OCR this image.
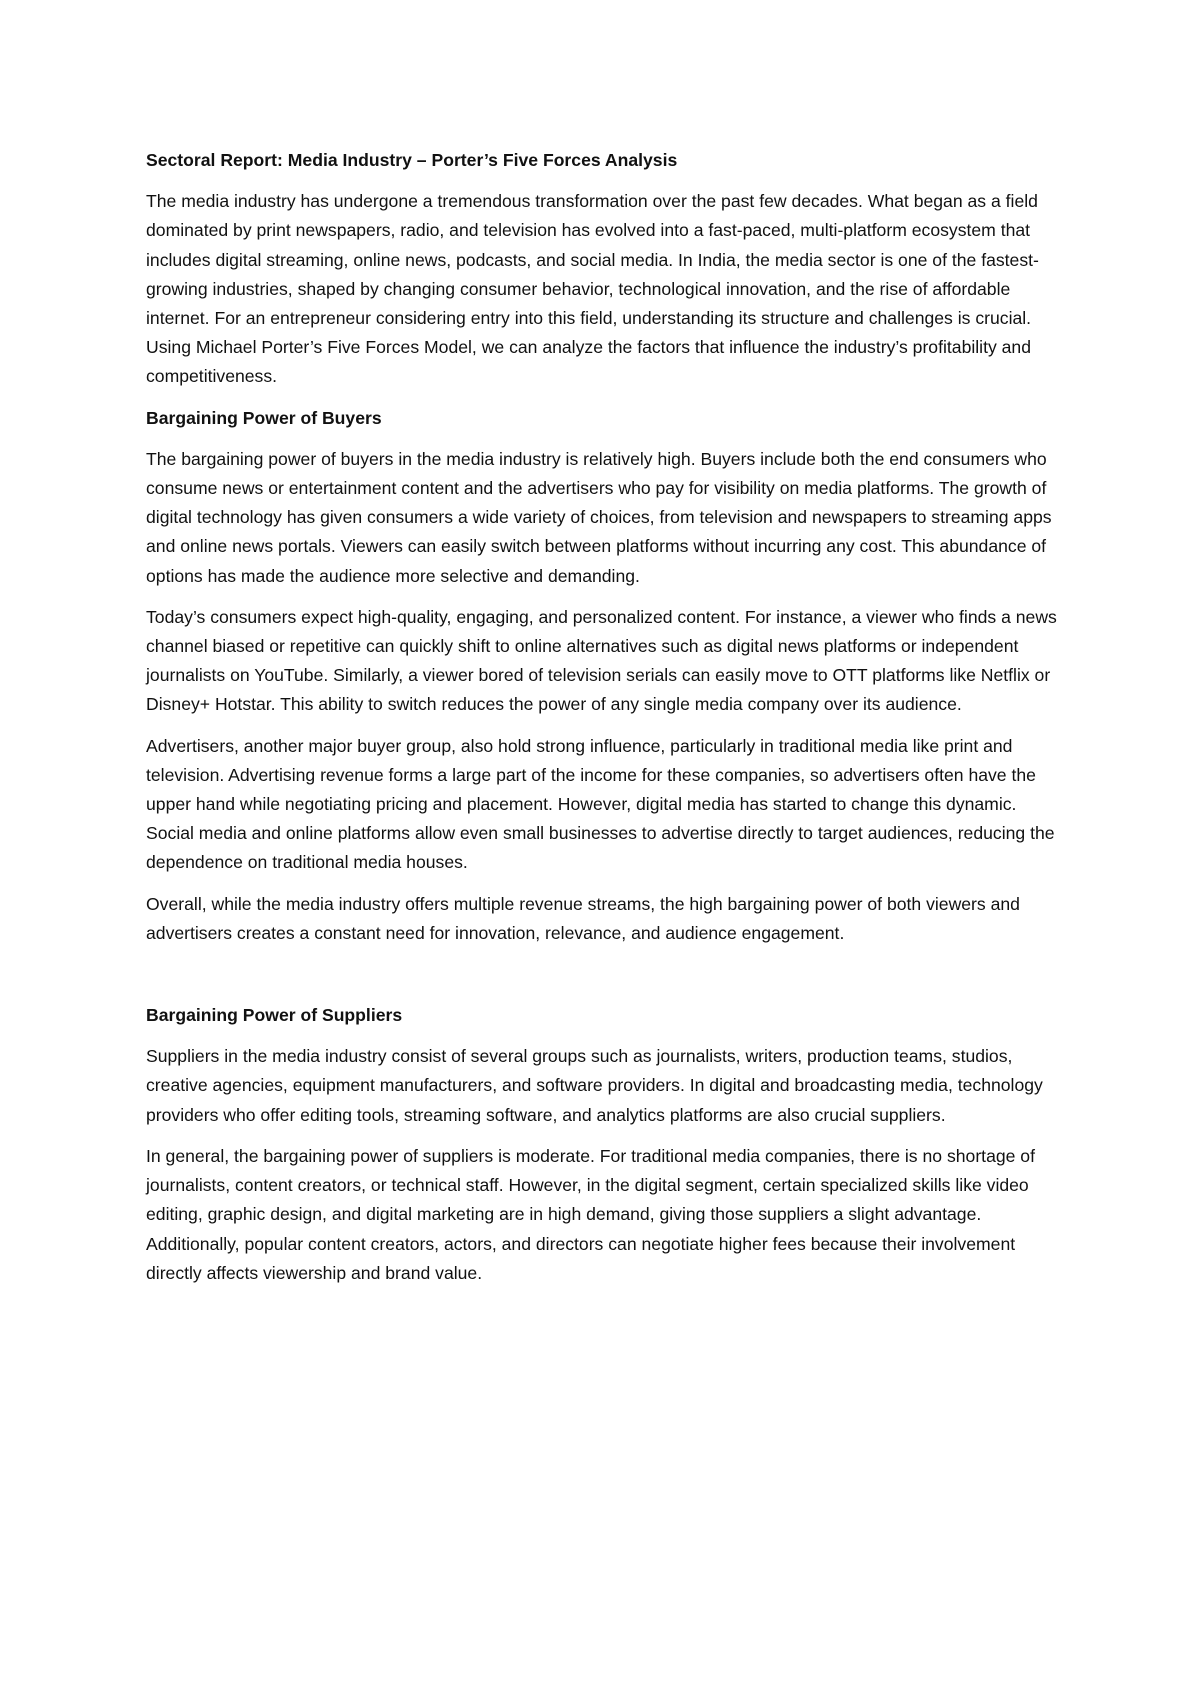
Sectoral Report: Media Industry – Porter’s Five Forces Analysis

The media industry has undergone a tremendous transformation over the past few decades. What began as a field dominated by print newspapers, radio, and television has evolved into a fast-paced, multi-platform ecosystem that includes digital streaming, online news, podcasts, and social media. In India, the media sector is one of the fastest-growing industries, shaped by changing consumer behavior, technological innovation, and the rise of affordable internet. For an entrepreneur considering entry into this field, understanding its structure and challenges is crucial. Using Michael Porter’s Five Forces Model, we can analyze the factors that influence the industry’s profitability and competitiveness.

Bargaining Power of Buyers

The bargaining power of buyers in the media industry is relatively high. Buyers include both the end consumers who consume news or entertainment content and the advertisers who pay for visibility on media platforms. The growth of digital technology has given consumers a wide variety of choices, from television and newspapers to streaming apps and online news portals. Viewers can easily switch between platforms without incurring any cost. This abundance of options has made the audience more selective and demanding.

Today’s consumers expect high-quality, engaging, and personalized content. For instance, a viewer who finds a news channel biased or repetitive can quickly shift to online alternatives such as digital news platforms or independent journalists on YouTube. Similarly, a viewer bored of television serials can easily move to OTT platforms like Netflix or Disney+ Hotstar. This ability to switch reduces the power of any single media company over its audience.

Advertisers, another major buyer group, also hold strong influence, particularly in traditional media like print and television. Advertising revenue forms a large part of the income for these companies, so advertisers often have the upper hand while negotiating pricing and placement. However, digital media has started to change this dynamic. Social media and online platforms allow even small businesses to advertise directly to target audiences, reducing the dependence on traditional media houses.

Overall, while the media industry offers multiple revenue streams, the high bargaining power of both viewers and advertisers creates a constant need for innovation, relevance, and audience engagement.

Bargaining Power of Suppliers

Suppliers in the media industry consist of several groups such as journalists, writers, production teams, studios, creative agencies, equipment manufacturers, and software providers. In digital and broadcasting media, technology providers who offer editing tools, streaming software, and analytics platforms are also crucial suppliers.

In general, the bargaining power of suppliers is moderate. For traditional media companies, there is no shortage of journalists, content creators, or technical staff. However, in the digital segment, certain specialized skills like video editing, graphic design, and digital marketing are in high demand, giving those suppliers a slight advantage. Additionally, popular content creators, actors, and directors can negotiate higher fees because their involvement directly affects viewership and brand value.
